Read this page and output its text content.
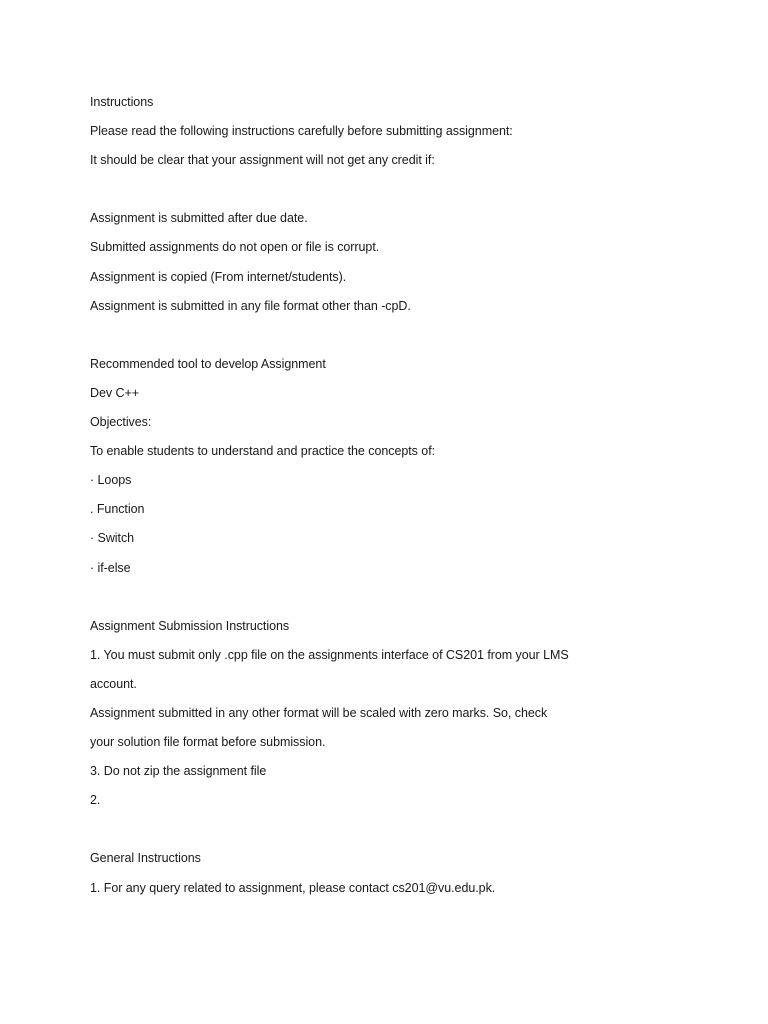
Instructions
Please read the following instructions carefully before submitting assignment:
It should be clear that your assignment will not get any credit if:
Assignment is submitted after due date.
Submitted assignments do not open or file is corrupt.
Assignment is copied (From internet/students).
Assignment is submitted in any file format other than -cpD.
Recommended tool to develop Assignment
Dev C++
Objectives:
To enable students to understand and practice the concepts of:
· Loops
. Function
· Switch
· if-else
Assignment Submission Instructions
1. You must submit only .cpp file on the assignments interface of CS201 from your LMS
account.
Assignment submitted in any other format will be scaled with zero marks. So, check
your solution file format before submission.
3. Do not zip the assignment file
2.
General Instructions
1. For any query related to assignment, please contact cs201@vu.edu.pk.
